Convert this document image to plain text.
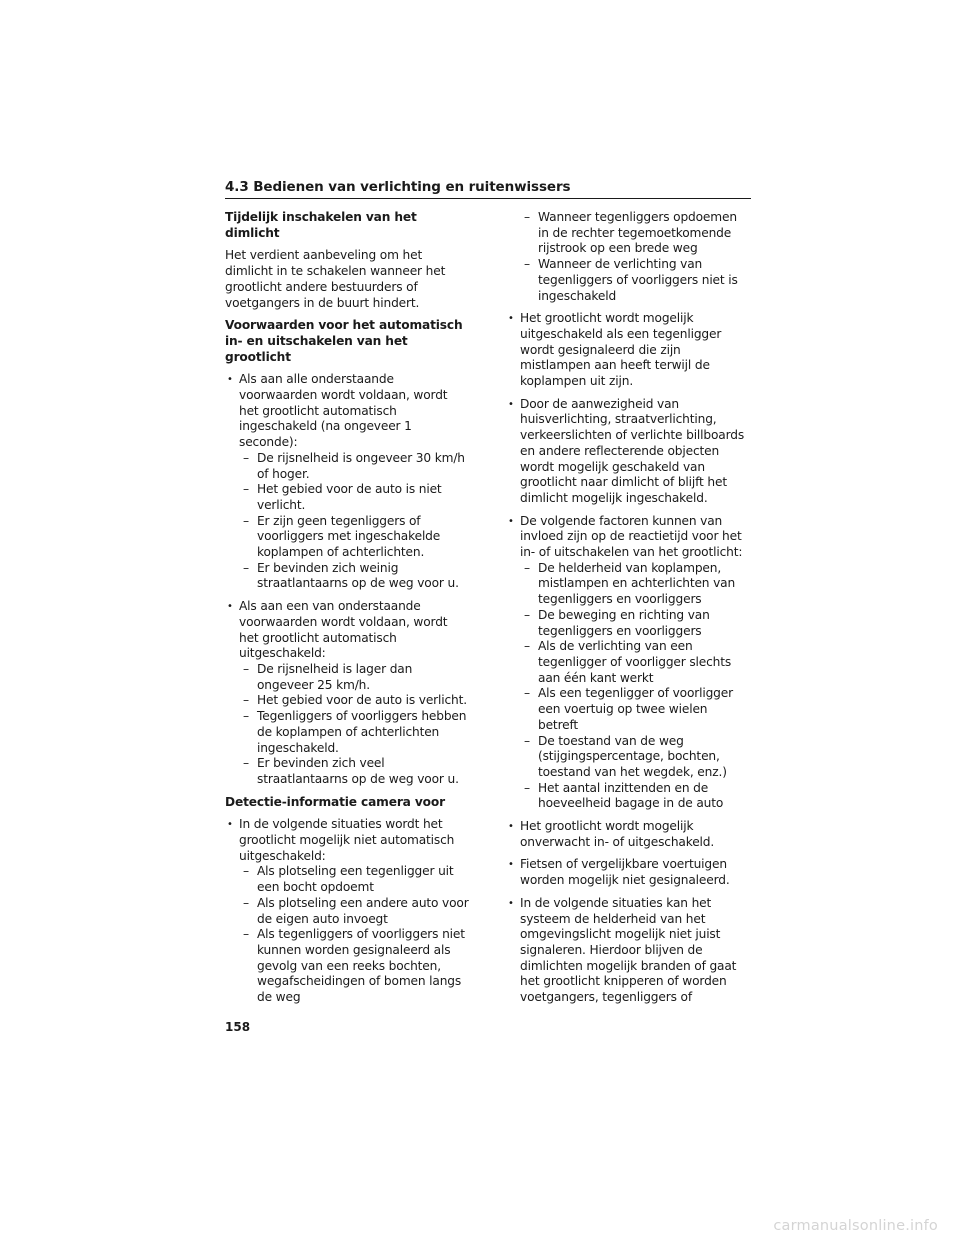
4.3 Bedienen van verlichting en ruitenwissers
Tijdelijk inschakelen van het dimlicht
Het verdient aanbeveling om het dimlicht in te schakelen wanneer het grootlicht andere bestuurders of voetgangers in de buurt hindert.
Voorwaarden voor het automatisch in- en uitschakelen van het grootlicht
• Als aan alle onderstaande voorwaarden wordt voldaan, wordt het grootlicht automatisch ingeschakeld (na ongeveer 1 seconde):
– De rijsnelheid is ongeveer 30 km/h of hoger.
– Het gebied voor de auto is niet verlicht.
– Er zijn geen tegenliggers of voorliggers met ingeschakelde koplampen of achterlichten.
– Er bevinden zich weinig straatlantaarns op de weg voor u.
• Als aan een van onderstaande voorwaarden wordt voldaan, wordt het grootlicht automatisch uitgeschakeld:
– De rijsnelheid is lager dan ongeveer 25 km/h.
– Het gebied voor de auto is verlicht.
– Tegenliggers of voorliggers hebben de koplampen of achterlichten ingeschakeld.
– Er bevinden zich veel straatlantaarns op de weg voor u.
Detectie-informatie camera voor
• In de volgende situaties wordt het grootlicht mogelijk niet automatisch uitgeschakeld:
– Als plotseling een tegenligger uit een bocht opdoemt
– Als plotseling een andere auto voor de eigen auto invoegt
– Als tegenliggers of voorliggers niet kunnen worden gesignaleerd als gevolg van een reeks bochten, wegafscheidingen of bomen langs de weg
– Wanneer tegenliggers opdoemen in de rechter tegemoetkomende rijstrook op een brede weg
– Wanneer de verlichting van tegenliggers of voorliggers niet is ingeschakeld
• Het grootlicht wordt mogelijk uitgeschakeld als een tegenligger wordt gesignaleerd die zijn mistlampen aan heeft terwijl de koplampen uit zijn.
• Door de aanwezigheid van huisverlichting, straatverlichting, verkeerslichten of verlichte billboards en andere reflecterende objecten wordt mogelijk geschakeld van grootlicht naar dimlicht of blijft het dimlicht mogelijk ingeschakeld.
• De volgende factoren kunnen van invloed zijn op de reactietijd voor het in- of uitschakelen van het grootlicht:
– De helderheid van koplampen, mistlampen en achterlichten van tegenliggers en voorliggers
– De beweging en richting van tegenliggers en voorliggers
– Als de verlichting van een tegenligger of voorligger slechts aan één kant werkt
– Als een tegenligger of voorligger een voertuig op twee wielen betreft
– De toestand van de weg (stijgingspercentage, bochten, toestand van het wegdek, enz.)
– Het aantal inzittenden en de hoeveelheid bagage in de auto
• Het grootlicht wordt mogelijk onverwacht in- of uitgeschakeld.
• Fietsen of vergelijkbare voertuigen worden mogelijk niet gesignaleerd.
• In de volgende situaties kan het systeem de helderheid van het omgevingslicht mogelijk niet juist signaleren. Hierdoor blijven de dimlichten mogelijk branden of gaat het grootlicht knipperen of worden voetgangers, tegenliggers of
158
carmanualsonline.info
